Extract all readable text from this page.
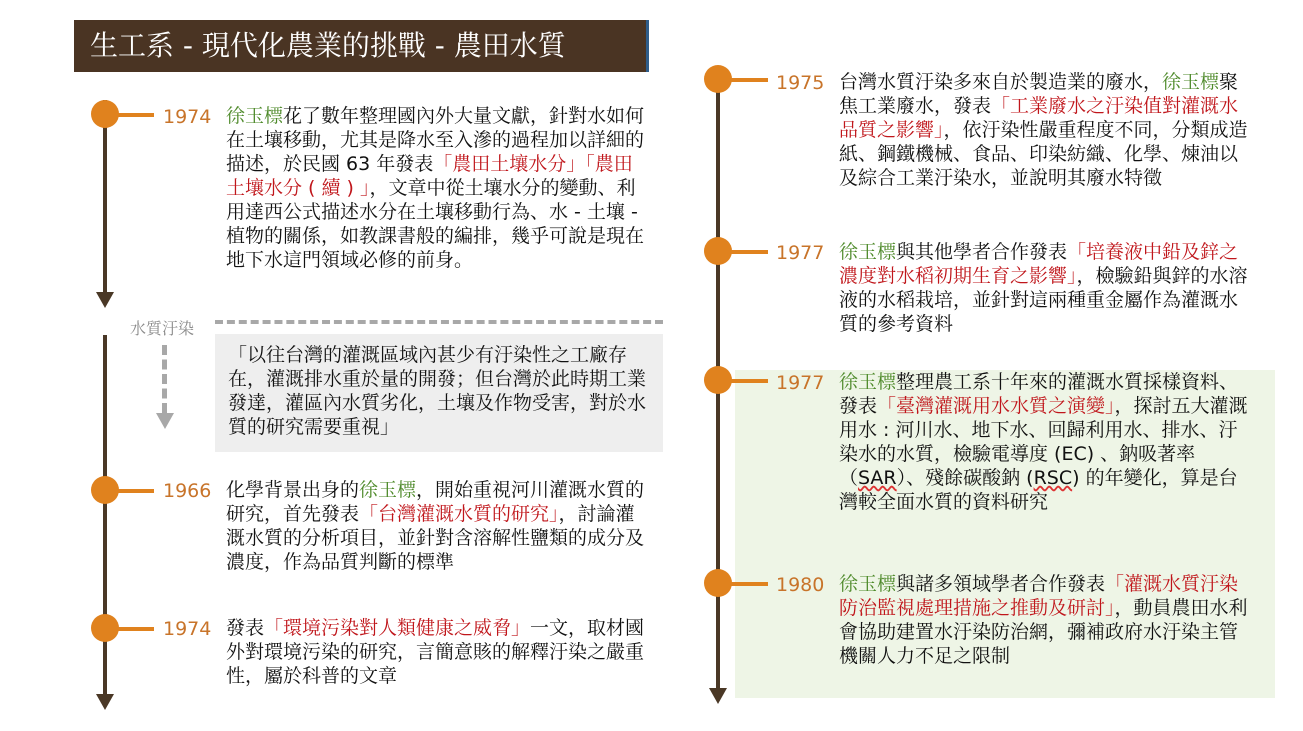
生工系 - 現代化農業的挑戰 - 農田水質
水質汙染
「以往台灣的灌溉區域內甚少有汙染性之工廠存在，灌溉排水重於量的開發；但台灣於此時期工業發達，灌區內水質劣化，土壤及作物受害，對於水質的研究需要重視」
1974 徐玉標花了數年整理國內外大量文獻，針對水如何在土壤移動，尤其是降水至入滲的過程加以詳細的描述，於民國 63 年發表「農田土壤水分」「農田土壤水分 ( 續 ) 」，文章中從土壤水分的變動、利用達西公式描述水分在土壤移動行為、水 - 土壤 - 植物的關係，如教課書般的編排，幾乎可說是現在地下水這門領域必修的前身。
1966 化學背景出身的徐玉標，開始重視河川灌溉水質的研究，首先發表「台灣灌溉水質的研究」，討論灌溉水質的分析項目，並針對含溶解性鹽類的成分及濃度，作為品質判斷的標準
1974 發表「環境污染對人類健康之威脅」一文，取材國外對環境污染的研究，言簡意賅的解釋汙染之嚴重性，屬於科普的文章
1975 台灣水質汙染多來自於製造業的廢水，徐玉標聚焦工業廢水，發表「工業廢水之汙染值對灌溉水品質之影響」，依汙染性嚴重程度不同，分類成造紙、鋼鐵機械、食品、印染紡織、化學、煉油以及綜合工業汙染水，並說明其廢水特徵
1977 徐玉標與其他學者合作發表「培養液中鉛及鋅之濃度對水稻初期生育之影響」，檢驗鉛與鋅的水溶液的水稻栽培，並針對這兩種重金屬作為灌溉水質的參考資料
1977 徐玉標整理農工系十年來的灌溉水質採樣資料、發表「臺灣灌溉用水水質之演變」，探討五大灌溉用水 : 河川水、地下水、回歸利用水、排水、汙染水的水質，檢驗電導度 (EC) 、鈉吸著率（SAR）、殘餘碳酸鈉 (RSC) 的年變化，算是台灣較全面水質的資料研究
1980 徐玉標與諸多領域學者合作發表「灌溉水質汙染防治監視處理措施之推動及研討」，動員農田水利會協助建置水汙染防治網，彌補政府水汙染主管機關人力不足之限制
